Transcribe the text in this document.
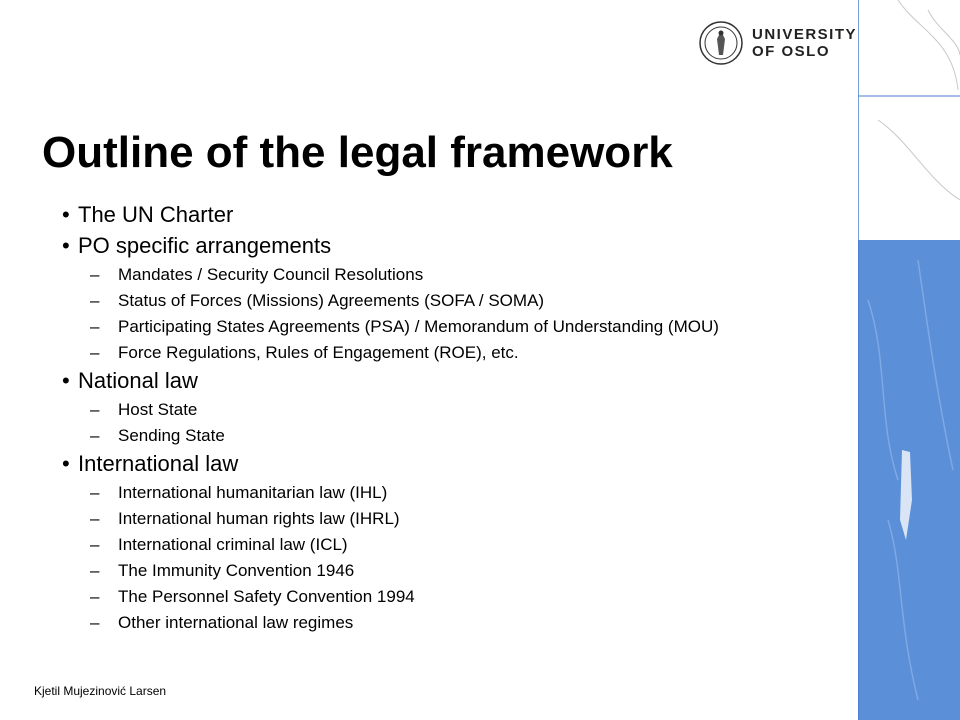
UNIVERSITY
OF OSLO
Outline of the legal framework
• The UN Charter
• PO specific arrangements
– Mandates / Security Council Resolutions
– Status of Forces (Missions) Agreements (SOFA / SOMA)
– Participating States Agreements (PSA) / Memorandum of Understanding (MOU)
– Force Regulations, Rules of Engagement (ROE), etc.
• National law
– Host State
– Sending State
• International law
– International humanitarian law (IHL)
– International human rights law (IHRL)
– International criminal law (ICL)
– The Immunity Convention 1946
– The Personnel Safety Convention 1994
– Other international law regimes
Kjetil Mujezinović Larsen
